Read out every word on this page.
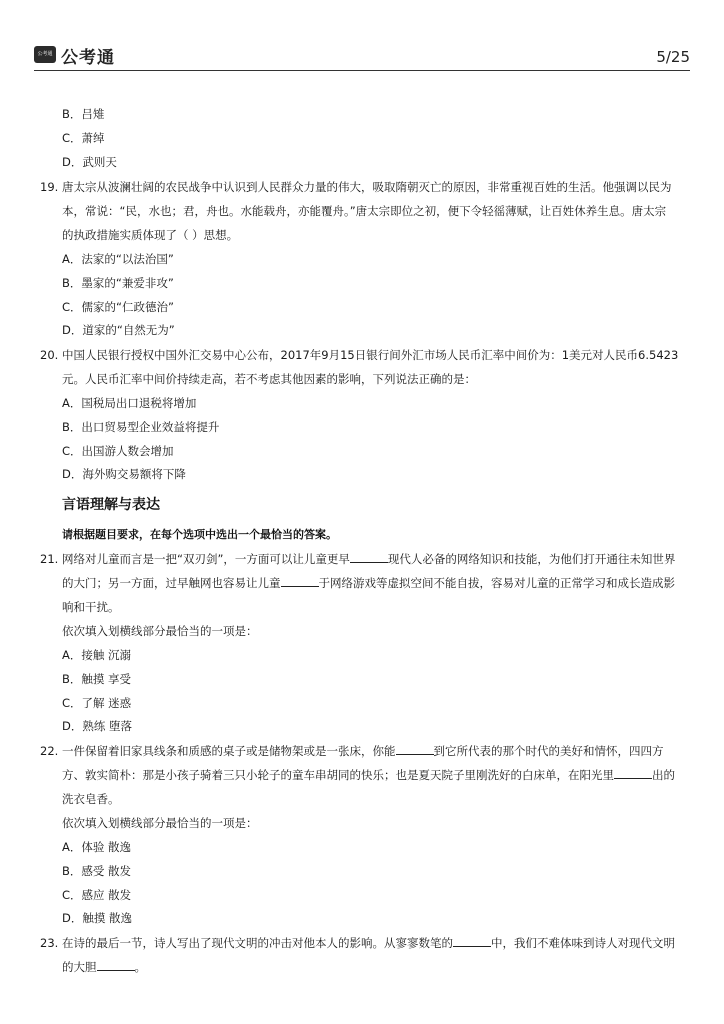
公考通 公考通	5/25
B．吕雉
C．萧绰
D．武则天
19. 唐太宗从波澜壮阔的农民战争中认识到人民群众力量的伟大，吸取隋朝灭亡的原因，非常重视百姓的生活。他强调以民为
本，常说：“民，水也；君，舟也。水能载舟，亦能覆舟。”唐太宗即位之初，便下令轻徭薄赋，让百姓休养生息。唐太宗
的执政措施实质体现了（ ）思想。
A．法家的“以法治国”
B．墨家的“兼爱非攻”
C．儒家的“仁政德治”
D．道家的“自然无为”
20. 中国人民银行授权中国外汇交易中心公布，2017年9月15日银行间外汇市场人民币汇率中间价为：1美元对人民币6.5423
元。人民币汇率中间价持续走高，若不考虑其他因素的影响，下列说法正确的是：
A．国税局出口退税将增加
B．出口贸易型企业效益将提升
C．出国游人数会增加
D．海外购交易额将下降
言语理解与表达
请根据题目要求，在每个选项中选出一个最恰当的答案。
21. 网络对儿童而言是一把“双刃剑”，一方面可以让儿童更早	现代人必备的网络知识和技能，为他们打开通往未知世界
的大门；另一方面，过早触网也容易让儿童	于网络游戏等虚拟空间不能自拔，容易对儿童的正常学习和成长造成影
响和干扰。
依次填入划横线部分最恰当的一项是：
A．接触 沉溺
B．触摸 享受
C．了解 迷惑
D．熟练 堕落
22. 一件保留着旧家具线条和质感的桌子或是储物架或是一张床，你能	到它所代表的那个时代的美好和情怀，四四方
方、敦实简朴：那是小孩子骑着三只小轮子的童车串胡同的快乐；也是夏天院子里刚洗好的白床单，在阳光里	出的
洗衣皂香。
依次填入划横线部分最恰当的一项是：
A．体验 散逸
B．感受 散发
C．感应 散发
D．触摸 散逸
23. 在诗的最后一节，诗人写出了现代文明的冲击对他本人的影响。从寥寥数笔的	中，我们不难体味到诗人对现代文明
的大胆	。
